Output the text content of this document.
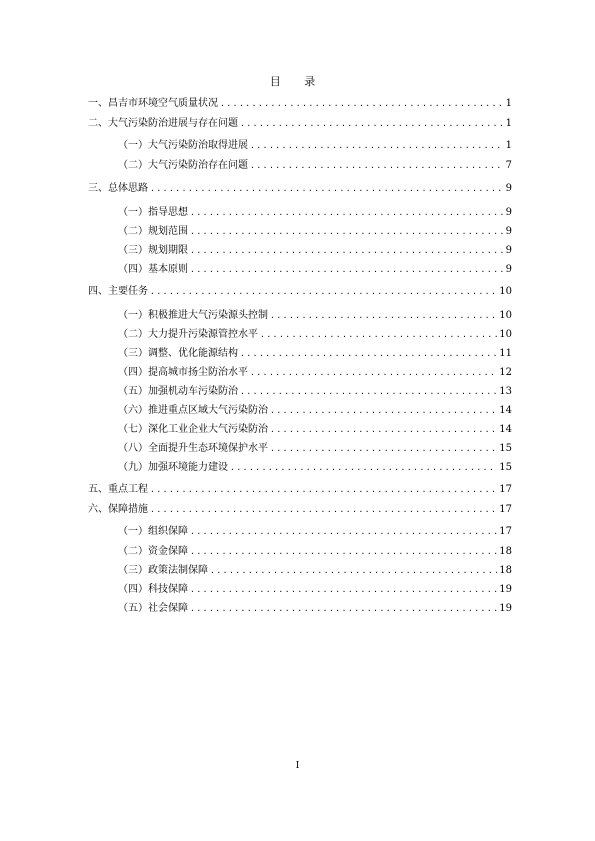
目 录
一、昌吉市环境空气质量状况 .....	1
二、大气污染防治进展与存在问题 .....	1
（一）大气污染防治取得进展 .....	1
（二）大气污染防治存在问题 .....	7
三、总体思路 .....	9
（一）指导思想 .....	9
（二）规划范围 .....	9
（三）规划期限 .....	9
（四）基本原则 .....	9
四、主要任务 .....	10
（一）积极推进大气污染源头控制 .....	10
（二）大力提升污染源管控水平 .....	10
（三）调整、优化能源结构 .....	11
（四）提高城市扬尘防治水平 .....	12
（五）加强机动车污染防治 .....	13
（六）推进重点区域大气污染防治 .....	14
（七）深化工业企业大气污染防治 .....	14
（八）全面提升生态环境保护水平 .....	15
（九）加强环境能力建设 .....	15
五、重点工程 .....	17
六、保障措施 .....	17
（一）组织保障 .....	17
（二）资金保障 .....	18
（三）政策法制保障 .....	18
（四）科技保障 .....	19
（五）社会保障 .....	19
I
